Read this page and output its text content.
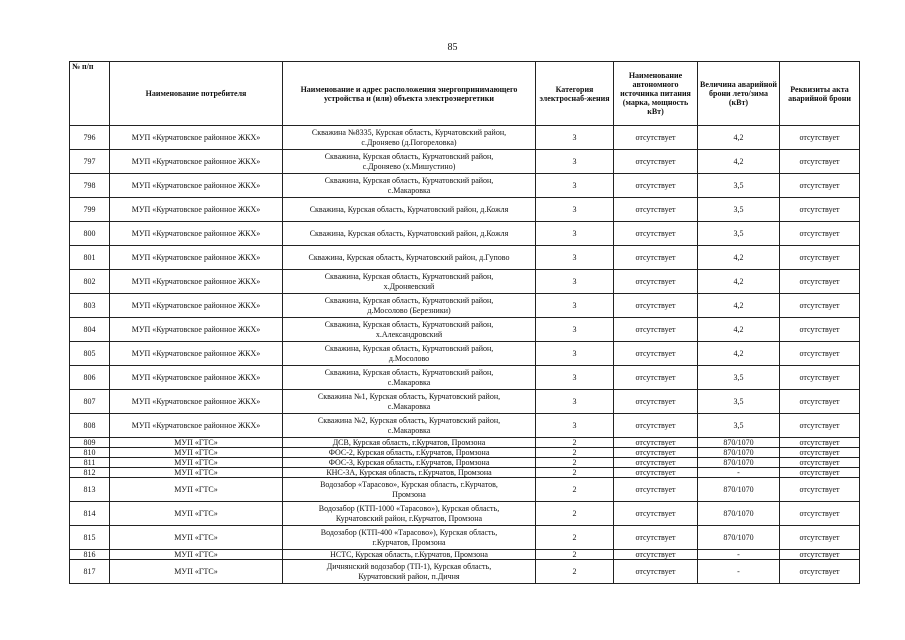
85
№ п/п	Наименование потребителя	Наименование и адрес расположения энергопринимающего устройства и (или) объекта электроэнергетики	Категория электроснаб-жения	Наименование автономного источника питания (марка, мощность кВт)	Величина аварийной брони лето/зима (кВт)	Реквизиты акта аварийной брони
796	МУП «Курчатовское районное ЖКХ»	Скважина №8335, Курская область, Курчатовский район,
с.Дроняево (д.Погореловка)	3	отсутствует	4,2	отсутствует
797	МУП «Курчатовское районное ЖКХ»	Скважина, Курская область, Курчатовский район,
с.Дроняево (х.Мишустино)	3	отсутствует	4,2	отсутствует
798	МУП «Курчатовское районное ЖКХ»	Скважина, Курская область, Курчатовский район,
с.Макаровка	3	отсутствует	3,5	отсутствует
799	МУП «Курчатовское районное ЖКХ»	Скважина, Курская область, Курчатовский район, д.Кожля	3	отсутствует	3,5	отсутствует
800	МУП «Курчатовское районное ЖКХ»	Скважина, Курская область, Курчатовский район, д.Кожля	3	отсутствует	3,5	отсутствует
801	МУП «Курчатовское районное ЖКХ»	Скважина, Курская область, Курчатовский район, д.Гупово	3	отсутствует	4,2	отсутствует
802	МУП «Курчатовское районное ЖКХ»	Скважина, Курская область, Курчатовский район,
х.Дроняевский	3	отсутствует	4,2	отсутствует
803	МУП «Курчатовское районное ЖКХ»	Скважина, Курская область, Курчатовский район,
д.Мосолово (Березники)	3	отсутствует	4,2	отсутствует
804	МУП «Курчатовское районное ЖКХ»	Скважина, Курская область, Курчатовский район,
х.Александровский	3	отсутствует	4,2	отсутствует
805	МУП «Курчатовское районное ЖКХ»	Скважина, Курская область, Курчатовский район,
д.Мосолово	3	отсутствует	4,2	отсутствует
806	МУП «Курчатовское районное ЖКХ»	Скважина, Курская область, Курчатовский район,
с.Макаровка	3	отсутствует	3,5	отсутствует
807	МУП «Курчатовское районное ЖКХ»	Скважина №1, Курская область, Курчатовский район,
с.Макаровка	3	отсутствует	3,5	отсутствует
808	МУП «Курчатовское районное ЖКХ»	Скважина №2, Курская область, Курчатовский район,
с.Макаровка	3	отсутствует	3,5	отсутствует
809	МУП «ГТС»	ДСВ, Курская область, г.Курчатов, Промзона	2	отсутствует	870/1070	отсутствует
810	МУП «ГТС»	ФОС-2, Курская область, г.Курчатов, Промзона	2	отсутствует	870/1070	отсутствует
811	МУП «ГТС»	ФОС-3, Курская область, г.Курчатов, Промзона	2	отсутствует	870/1070	отсутствует
812	МУП «ГТС»	КНС-3А, Курская область, г.Курчатов, Промзона	2	отсутствует	-	отсутствует
813	МУП «ГТС»	Водозабор «Тарасово», Курская область, г.Курчатов,
Промзона	2	отсутствует	870/1070	отсутствует
814	МУП «ГТС»	Водозабор (КТП-1000 «Тарасово»), Курская область,
Курчатовский район, г.Курчатов, Промзона	2	отсутствует	870/1070	отсутствует
815	МУП «ГТС»	Водозабор (КТП-400 «Тарасово»), Курская область,
г.Курчатов, Промзона	2	отсутствует	870/1070	отсутствует
816	МУП «ГТС»	НСТС, Курская область, г.Курчатов, Промзона	2	отсутствует	-	отсутствует
817	МУП «ГТС»	Дичнянский водозабор (ТП-1), Курская область,
Курчатовский район, п.Дичня	2	отсутствует	-	отсутствует
